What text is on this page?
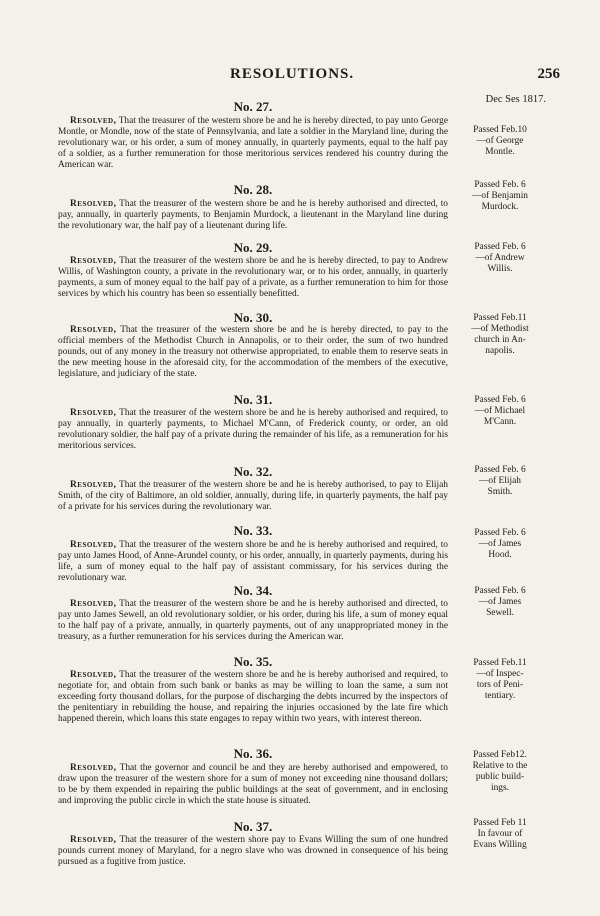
RESOLUTIONS.	256
Dec Ses 1817.
No. 27.
Resolved, That the treasurer of the western shore be and he is hereby directed, to pay unto George Montle, or Mondle, now of the state of Pennsylvania, and late a soldier in the Maryland line, during the revolutionary war, or his order, a sum of money annually, in quarterly payments, equal to the half pay of a soldier, as a further remuneration for those meritorious services rendered his country during the American war.
Passed Feb.10
—of George
Montle.
No. 28.
Resolved, That the treasurer of the western shore be and he is hereby authorised and directed, to pay, annually, in quarterly payments, to Benjamin Murdock, a lieutenant in the Maryland line during the revolutionary war, the half pay of a lieutenant during life.
Passed Feb. 6
—of Benjamin
Murdock.
No. 29.
Resolved, That the treasurer of the western shore be and he is hereby directed, to pay to Andrew Willis, of Washington county, a private in the revolutionary war, or to his order, annually, in quarterly payments, a sum of money equal to the half pay of a private, as a further remuneration to him for those services by which his country has been so essentially benefitted.
Passed Feb. 6
—of Andrew
Willis.
No. 30.
Resolved, That the treasurer of the western shore be and he is hereby directed, to pay to the official members of the Methodist Church in Annapolis, or to their order, the sum of two hundred pounds, out of any money in the treasury not otherwise appropriated, to enable them to reserve seats in the new meeting house in the aforesaid city, for the accommodation of the members of the executive, legislature, and judiciary of the state.
Passed Feb.11
—of Methodist
church in An-
napolis.
No. 31.
Resolved, That the treasurer of the western shore be and he is hereby authorised and required, to pay annually, in quarterly payments, to Michael M'Cann, of Frederick county, or order, an old revolutionary soldier, the half pay of a private during the remainder of his life, as a remuneration for his meritorious services.
Passed Feb. 6
—of Michael
M'Cann.
No. 32.
Resolved, That the treasurer of the western shore be and he is hereby authorised, to pay to Elijah Smith, of the city of Baltimore, an old soldier, annually, during life, in quarterly payments, the half pay of a private for his services during the revolutionary war.
Passed Feb. 6
—of Elijah
Smith.
No. 33.
Resolved, That the treasurer of the western shore be and he is hereby authorised and required, to pay unto James Hood, of Anne-Arundel county, or his order, annually, in quarterly payments, during his life, a sum of money equal to the half pay of assistant commissary, for his services during the revolutionary war.
Passed Feb. 6
—of James
Hood.
No. 34.
Resolved, That the treasurer of the western shore be and he is hereby authorised and directed, to pay unto James Sewell, an old revolutionary soldier, or his order, during his life, a sum of money equal to the half pay of a private, annually, in quarterly payments, out of any unappropriated money in the treasury, as a further remuneration for his services during the American war.
Passed Feb. 6
—of James
Sewell.
No. 35.
Resolved, That the treasurer of the western shore be and he is hereby authorised and required, to negotiate for, and obtain from such bank or banks as may be willing to loan the same, a sum not exceeding forty thousand dollars, for the purpose of discharging the debts incurred by the inspectors of the penitentiary in rebuilding the house, and repairing the injuries occasioned by the late fire which happened therein, which loans this state engages to repay within two years, with interest thereon.
Passed Feb.11
—of Inspec-
tors of Peni-
tentiary.
No. 36.
Resolved, That the governor and council be and they are hereby authorised and empowered, to draw upon the treasurer of the western shore for a sum of money not exceeding nine thousand dollars; to be by them expended in repairing the public buildings at the seat of government, and in enclosing and improving the public circle in which the state house is situated.
Passed Feb12.
Relative to the
public build-
ings.
No. 37.
Resolved, That the treasurer of the western shore pay to Evans Willing the sum of one hundred pounds current money of Maryland, for a negro slave who was drowned in consequence of his being pursued as a fugitive from justice.
Passed Feb 11
In favour of
Evans Willing
